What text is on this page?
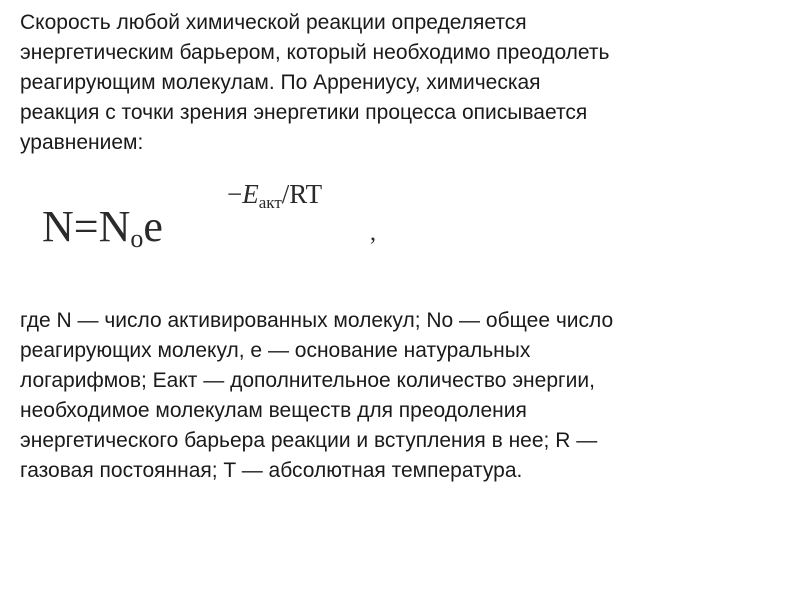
Скорость любой химической реакции определяется
энергетическим барьером, который необходимо преодолеть
реагирующим молекулам. По Аррениусу, химическая
реакция с точки зрения энергетики процесса описывается
уравнением:

N=Noe
−Eакт/RT
,

где N — число активированных молекул; No — общее число
реагирующих молекул, е — основание натуральных
логарифмов; Еакт — дополнительное количество энергии,
необходимое молекулам веществ для преодоления
энергетического барьера реакции и вступления в нее; R —
газовая постоянная; T — абсолютная температура.
